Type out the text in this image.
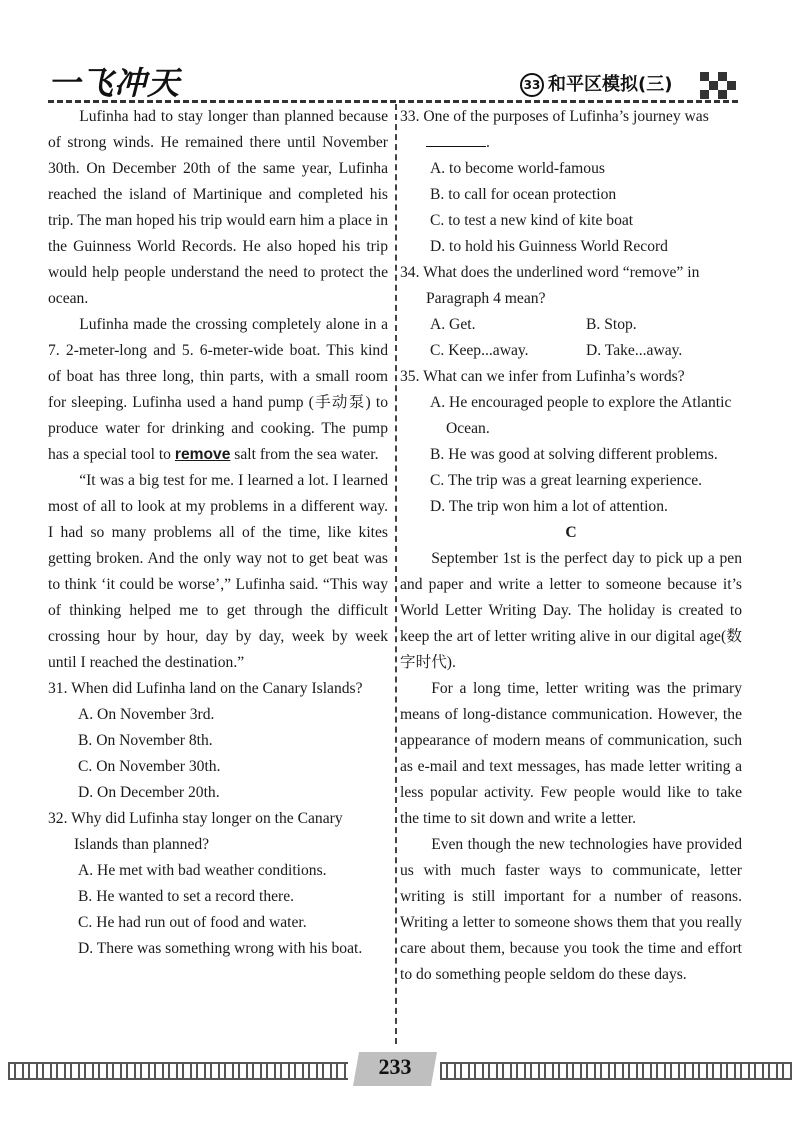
一飞冲天	33 和平区模拟(三)

Lufinha had to stay longer than planned because of strong winds. He remained there until November 30th. On December 20th of the same year, Lufinha reached the island of Martinique and completed his trip. The man hoped his trip would earn him a place in the Guinness World Records. He also hoped his trip would help people understand the need to protect the ocean.

Lufinha made the crossing completely alone in a 7. 2-meter-long and 5. 6-meter-wide boat. This kind of boat has three long, thin parts, with a small room for sleeping. Lufinha used a hand pump (手动泵) to produce water for drinking and cooking. The pump has a special tool to remove salt from the sea water.

“It was a big test for me. I learned a lot. I learned most of all to look at my problems in a different way. I had so many problems all of the time, like kites getting broken. And the only way not to get beat was to think ‘it could be worse’,” Lufinha said. “This way of thinking helped me to get through the difficult crossing hour by hour, day by day, week by week until I reached the destination.”

31. When did Lufinha land on the Canary Islands?

A. On November 3rd.

B. On November 8th.

C. On November 30th.

D. On December 20th.

32. Why did Lufinha stay longer on the Canary Islands than planned?

A. He met with bad weather conditions.

B. He wanted to set a record there.

C. He had run out of food and water.

D. There was something wrong with his boat.

33. One of the purposes of Lufinha’s journey was
.

A. to become world-famous

B. to call for ocean protection

C. to test a new kind of kite boat

D. to hold his Guinness World Record

34. What does the underlined word “remove” in Paragraph 4 mean?

A. Get.	B. Stop.
C. Keep...away.	D. Take...away.

35. What can we infer from Lufinha’s words?

A. He encouraged people to explore the Atlantic

Ocean.

B. He was good at solving different problems.

C. The trip was a great learning experience.

D. The trip won him a lot of attention.

C

September 1st is the perfect day to pick up a pen and paper and write a letter to someone because it’s World Letter Writing Day. The holiday is created to keep the art of letter writing alive in our digital age(数字时代).

For a long time, letter writing was the primary means of long-distance communication. However, the appearance of modern means of communication, such as e-mail and text messages, has made letter writing a less popular activity. Few people would like to take the time to sit down and write a letter.

Even though the new technologies have provided us with much faster ways to communicate, letter writing is still important for a number of reasons. Writing a letter to someone shows them that you really care about them, because you took the time and effort to do something people seldom do these days.

233
